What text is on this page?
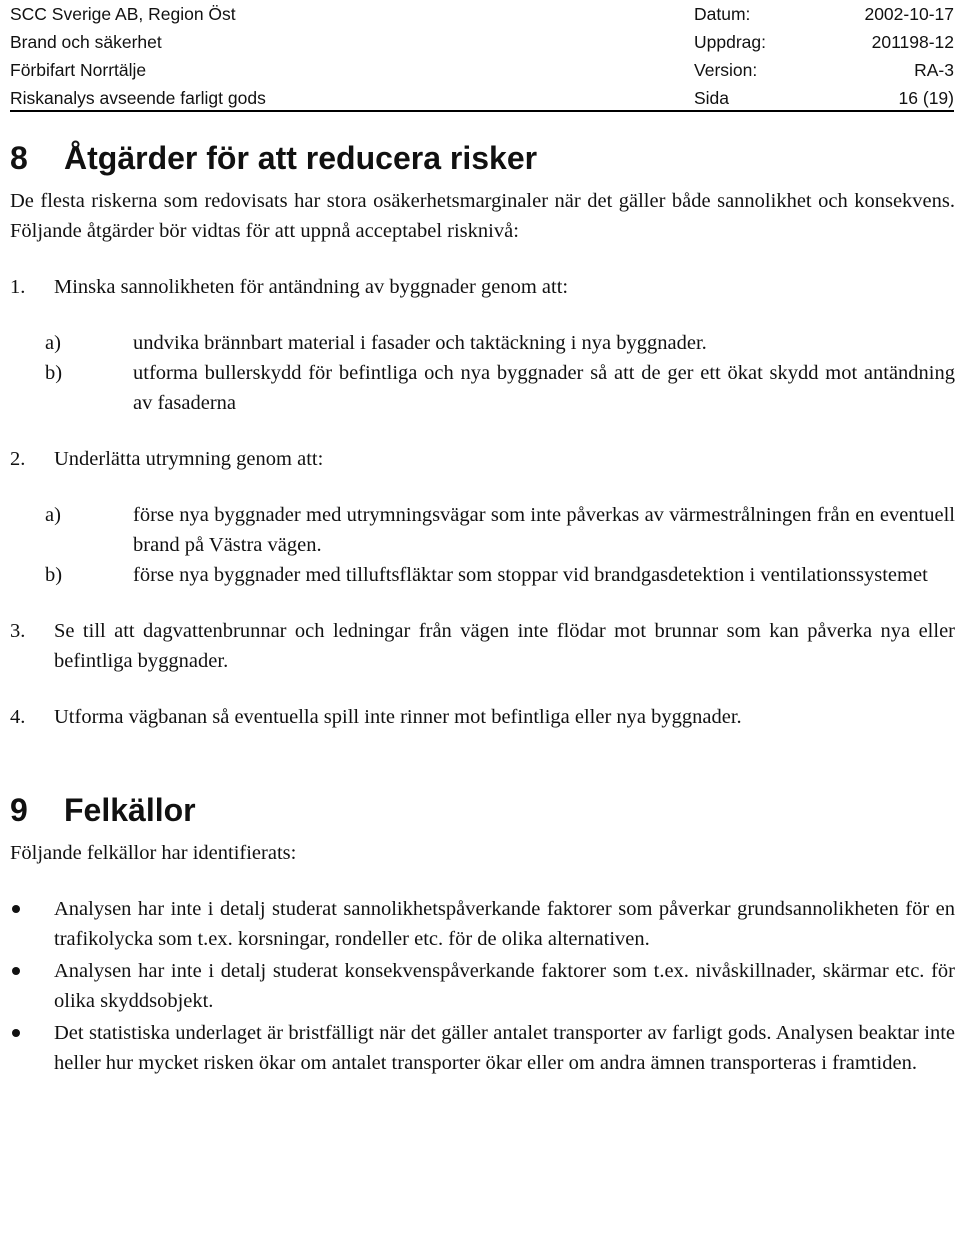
SCC Sverige AB, Region Öst	Datum:	2002-10-17
Brand och säkerhet	Uppdrag:	201198-12
Förbifart Norrtälje	Version:	RA-3
Riskanalys avseende farligt gods	Sida	16 (19)
8 Åtgärder för att reducera risker

De flesta riskerna som redovisats har stora osäkerhetsmarginaler när det gäller både sannolikhet och konsekvens. Följande åtgärder bör vidtas för att uppnå acceptabel risknivå:

1.	Minska sannolikheten för antändning av byggnader genom att:
a)	undvika brännbart material i fasader och taktäckning i nya byggnader.
b)	utforma bullerskydd för befintliga och nya byggnader så att de ger ett ökat skydd mot antändning av fasaderna
2.	Underlätta utrymning genom att:
a)	förse nya byggnader med utrymningsvägar som inte påverkas av värmestrålningen från en eventuell brand på Västra vägen.
b)	förse nya byggnader med tilluftsfläktar som stoppar vid brandgasdetektion i ventilationssystemet
3.	Se till att dagvattenbrunnar och ledningar från vägen inte flödar mot brunnar som kan påverka nya eller befintliga byggnader.
4.	Utforma vägbanan så eventuella spill inte rinner mot befintliga eller nya byggnader.
9 Felkällor

Följande felkällor har identifierats:

Analysen har inte i detalj studerat sannolikhetspåverkande faktorer som påverkar grundsannolikheten för en trafikolycka som t.ex. korsningar, rondeller etc. för de olika alternativen.
Analysen har inte i detalj studerat konsekvenspåverkande faktorer som t.ex. nivåskillnader, skärmar etc. för olika skyddsobjekt.
Det statistiska underlaget är bristfälligt när det gäller antalet transporter av farligt gods. Analysen beaktar inte heller hur mycket risken ökar om antalet transporter ökar eller om andra ämnen transporteras i framtiden.
